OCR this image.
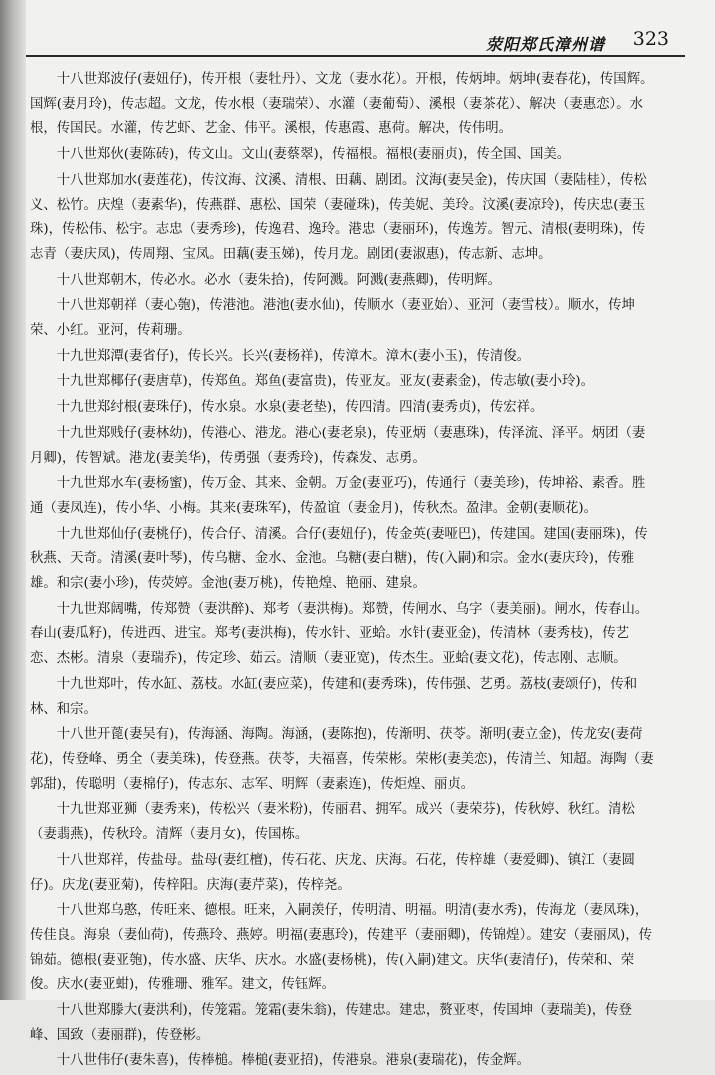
荥阳郑氏漳州谱 323

十八世郑波仔(妻妞仔)，传开根（妻牡丹）、文龙（妻水花）。开根，传炳坤。炳坤(妻春花)，传国辉。国辉(妻月玲)，传志超。文龙，传水根（妻瑞荣）、水灌（妻葡萄）、溪根（妻茶花）、解决（妻惠恋）。水根，传国民。水灌，传艺虾、艺金、伟平。溪根，传惠霞、惠荷。解决，传伟明。

十八世郑伙(妻陈砖)，传文山。文山(妻蔡翠)，传福根。福根(妻丽贞)，传全国、国美。

十八世郑加水(妻莲花)，传汶海、汶溪、清根、田藕、剧团。汶海(妻吴金)，传庆国（妻陆桂），传松义、松竹。庆煌（妻素华)，传燕群、惠松、国荣（妻碰珠)，传美妮、美玲。汶溪(妻凉玲)，传庆忠(妻玉珠)，传松伟、松宇。志忠（妻秀珍)，传逸君、逸玲。港忠（妻丽环)，传逸芳。智元、清根(妻明珠)，传志青（妻庆凤)，传周翔、宝凤。田藕(妻玉娣)，传月龙。剧团(妻淑惠)，传志新、志坤。

十八世郑朝木，传必水。必水（妻朱拾)，传阿溅。阿溅(妻燕卿)，传明辉。

十八世郑朝祥（妻心匏)，传港池。港池(妻水仙)，传顺水（妻亚始）、亚河（妻雪枝）。顺水，传坤荣、小红。亚河，传莉珊。

十九世郑潭(妻省仔)，传长兴。长兴(妻杨祥)，传漳木。漳木(妻小玉)，传清俊。

十九世郑椰仔(妻唐草)，传郑鱼。郑鱼(妻富贵)，传亚友。亚友(妻素金)，传志敏(妻小玲)。

十九世郑纣根(妻珠仔)，传水泉。水泉(妻老垫)，传四清。四清(妻秀贞)，传宏祥。

十九世郑贱仔(妻林幼)，传港心、港龙。港心(妻老泉)，传亚炳（妻惠珠)，传泽流、泽平。炳团（妻月卿)，传智斌。港龙(妻美华)，传勇强（妻秀玲)，传森发、志勇。

十九世郑水车(妻杨蜜)，传万金、其来、金朝。万金(妻亚巧)，传通行（妻美珍)，传坤裕、素香。胜通（妻凤连)，传小华、小梅。其来(妻珠军)，传盈谊（妻金月)，传秋杰。盈津。金朝(妻顺花)。

十九世郑仙仔(妻桃仔)，传合仔、清溪。合仔(妻妞仔)，传金英(妻哑巴)，传建国。建国(妻丽珠)，传秋燕、天奇。清溪(妻叶琴)，传乌糖、金水、金池。乌糖(妻白糖)，传(入嗣)和宗。金水(妻庆玲)，传雅雄。和宗(妻小珍)，传荧婷。金池(妻万桃)，传艳煌、艳丽、建泉。

十九世郑阔嘴，传郑赞（妻洪醉)、郑考（妻洪梅)。郑赞，传闸水、乌字（妻美丽)。闸水，传春山。春山(妻瓜籽)，传进西、进宝。郑考(妻洪梅)，传水针、亚蛤。水针(妻亚金)，传清林（妻秀枝)，传艺恋、杰彬。清泉（妻瑞乔)，传定珍、茹云。清顺（妻亚宽)，传杰生。亚蛤(妻文花)，传志刚、志顺。

十九世郑叶，传水缸、荔枝。水缸(妻应菜)，传建和(妻秀珠)，传伟强、艺勇。荔枝(妻颂仔)，传和林、和宗。

十八世开蓖(妻吴有)，传海涵、海陶。海涵，(妻陈抱)，传渐明、茯苓。渐明(妻立金)，传龙安(妻荷花)，传登峰、勇全（妻美珠)，传登燕。茯苓，夫福喜，传荣彬。荣彬(妻美恋)，传清兰、知超。海陶（妻郭甜)，传聪明（妻棉仔)，传志东、志军、明辉（妻素连)，传炬煌、丽贞。

十九世郑亚狮（妻秀来)，传松兴（妻米粉)，传丽君、拥军。成兴（妻荣芬)，传秋婷、秋红。清松（妻翡燕)，传秋玲。清辉（妻月女)，传国栋。

十八世郑祥，传盐母。盐母(妻红檀)，传石花、庆龙、庆海。石花，传梓雄（妻爱卿)、镇江（妻圆仔)。庆龙(妻亚菊)，传梓阳。庆海(妻芹菜)，传梓尧。

十八世郑乌憨，传旺来、德根。旺来，入嗣羡仔，传明清、明福。明清(妻水秀)，传海龙（妻凤珠)，传佳良。海泉（妻仙荷)，传燕玲、燕婷。明福(妻惠玲)，传建平（妻丽卿)，传锦煌）。建安（妻丽凤)，传锦茹。德根(妻亚匏)，传水盛、庆华、庆水。水盛(妻杨桃)，传(入嗣)建文。庆华(妻清仔)，传荣和、荣俊。庆水(妻亚蚶)，传雅珊、雅军。建文，传钰辉。

十八世郑滕大(妻洪利)，传笼霜。笼霜(妻朱翁)，传建忠。建忠，赘亚枣，传国坤（妻瑞美)，传登峰、国致（妻丽群)，传登彬。

十八世伟仔(妻朱喜)，传棒槌。棒槌(妻亚招)，传港泉。港泉(妻瑞花)，传金辉。
